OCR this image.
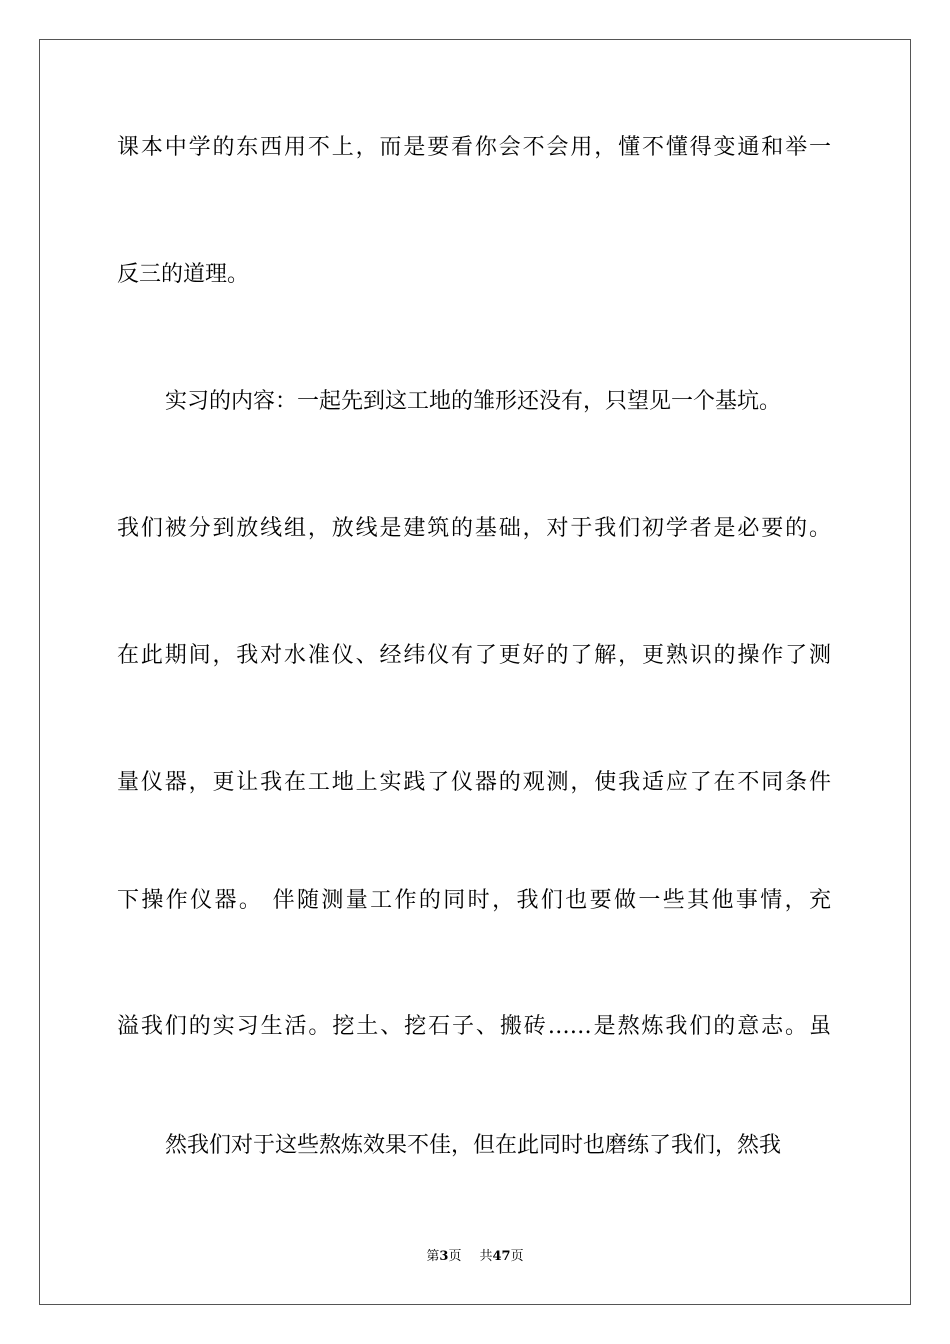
课本中学的东西用不上，而是要看你会不会用，懂不懂得变通和举一
反三的道理。
实习的内容：一起先到这工地的雏形还没有，只望见一个基坑。
我们被分到放线组，放线是建筑的基础，对于我们初学者是必要的。
在此期间，我对水准仪、经纬仪有了更好的了解，更熟识的操作了测
量仪器，更让我在工地上实践了仪器的观测，使我适应了在不同条件
下操作仪器。 伴随测量工作的同时，我们也要做一些其他事情，充
溢我们的实习生活。挖土、挖石子、搬砖……是熬炼我们的意志。虽
然我们对于这些熬炼效果不佳，但在此同时也磨练了我们，然我
第3页 共47页
